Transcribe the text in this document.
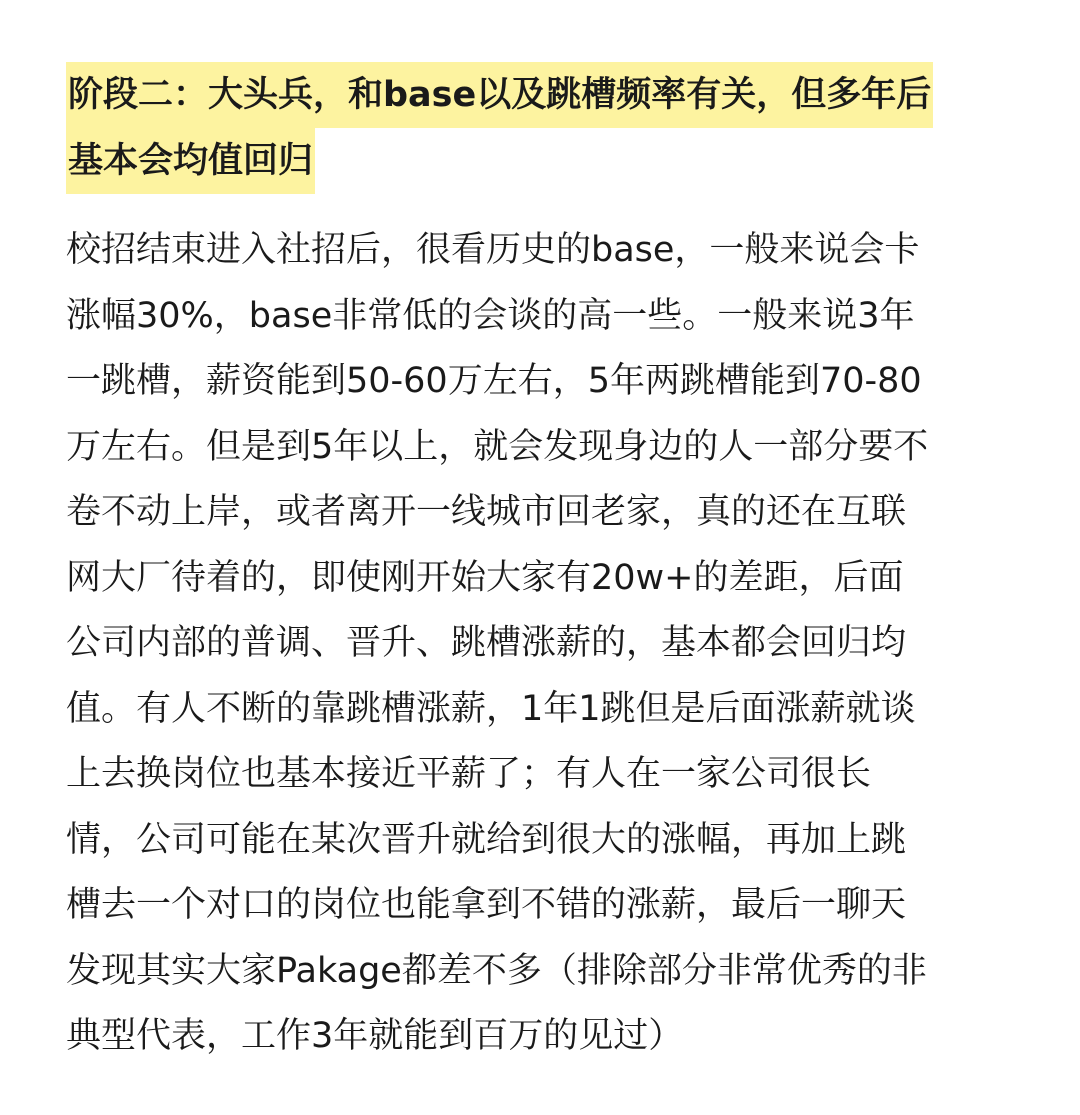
阶段二：大头兵，和base以及跳槽频率有关，但多年后
基本会均值回归
校招结束进入社招后，很看历史的base，一般来说会卡
涨幅30%，base非常低的会谈的高一些。一般来说3年
一跳槽，薪资能到50-60万左右，5年两跳槽能到70-80
万左右。但是到5年以上，就会发现身边的人一部分要不
卷不动上岸，或者离开一线城市回老家，真的还在互联
网大厂待着的，即使刚开始大家有20w+的差距，后面
公司内部的普调、晋升、跳槽涨薪的，基本都会回归均
值。有人不断的靠跳槽涨薪，1年1跳但是后面涨薪就谈
上去换岗位也基本接近平薪了；有人在一家公司很长
情，公司可能在某次晋升就给到很大的涨幅，再加上跳
槽去一个对口的岗位也能拿到不错的涨薪，最后一聊天
发现其实大家Pakage都差不多（排除部分非常优秀的非
典型代表，工作3年就能到百万的见过）
